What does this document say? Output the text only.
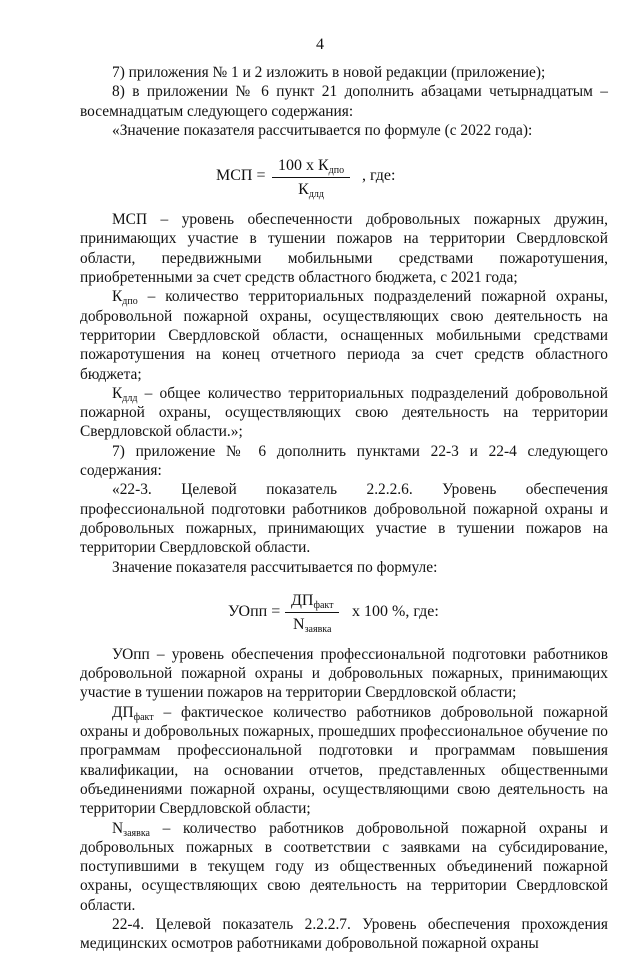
4

7) приложения № 1 и 2 изложить в новой редакции (приложение);

8) в приложении № 6 пункт 21 дополнить абзацами четырнадцатым – восемнадцатым следующего содержания:

«Значение показателя рассчитывается по формуле (с 2022 года):

МСП =
100 х $К_{дпо}$
$К_{длд}$
, где:

МСП – уровень обеспеченности добровольных пожарных дружин, принимающих участие в тушении пожаров на территории Свердловской области, передвижными мобильными средствами пожаротушения, приобретенными за счет средств областного бюджета, с 2021 года;

$К_{дпо}$ – количество территориальных подразделений пожарной охраны, добровольной пожарной охраны, осуществляющих свою деятельность на территории Свердловской области, оснащенных мобильными средствами пожаротушения на конец отчетного периода за счет средств областного бюджета;

$К_{длд}$ – общее количество территориальных подразделений добровольной пожарной охраны, осуществляющих свою деятельность на территории Свердловской области.»;

7) приложение № 6 дополнить пунктами 22-3 и 22-4 следующего содержания:

«22-3. Целевой показатель 2.2.2.6. Уровень обеспечения профессиональной подготовки работников добровольной пожарной охраны и добровольных пожарных, принимающих участие в тушении пожаров на территории Свердловской области.

Значение показателя рассчитывается по формуле:

УОпп =
$ДП_{факт}$
$N_{заявка}$
х 100 %, где:

УОпп – уровень обеспечения профессиональной подготовки работников добровольной пожарной охраны и добровольных пожарных, принимающих участие в тушении пожаров на территории Свердловской области;

$ДП_{факт}$ – фактическое количество работников добровольной пожарной охраны и добровольных пожарных, прошедших профессиональное обучение по программам профессиональной подготовки и программам повышения квалификации, на основании отчетов, представленных общественными объединениями пожарной охраны, осуществляющими свою деятельность на территории Свердловской области;

$N_{заявка}$ – количество работников добровольной пожарной охраны и добровольных пожарных в соответствии с заявками на субсидирование, поступившими в текущем году из общественных объединений пожарной охраны, осуществляющих свою деятельность на территории Свердловской области.

22-4. Целевой показатель 2.2.2.7. Уровень обеспечения прохождения медицинских осмотров работниками добровольной пожарной охраны
